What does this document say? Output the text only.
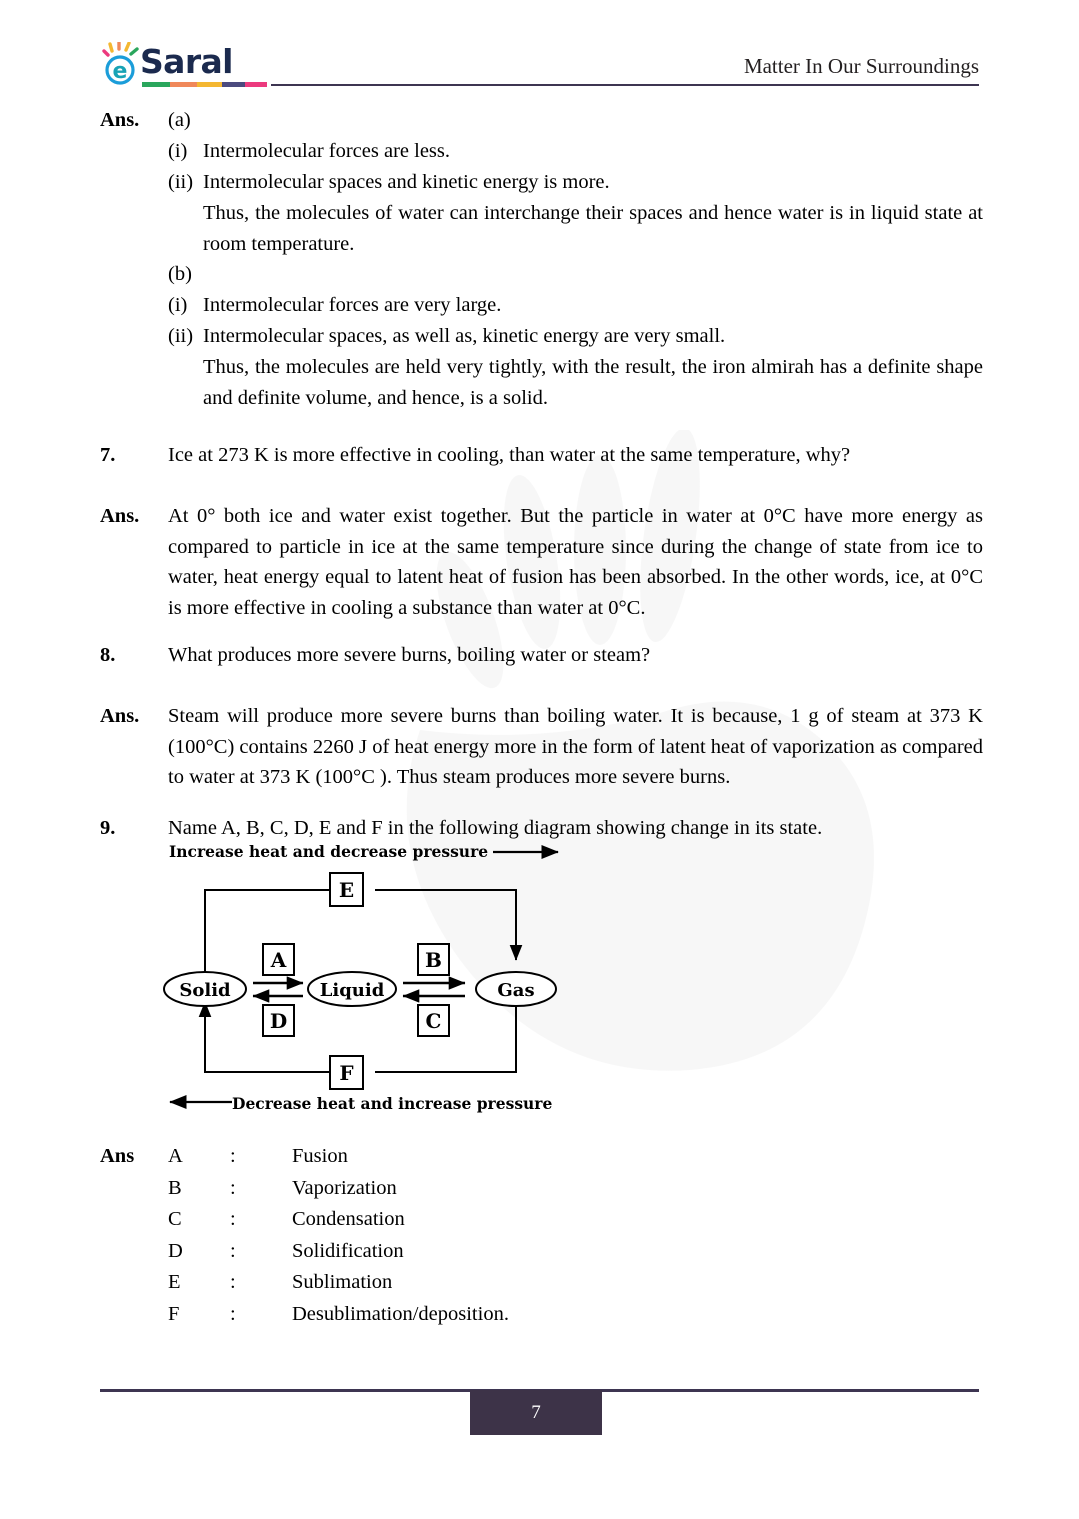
e Saral	Matter In Our Surroundings
Ans. (a)
(i) Intermolecular forces are less.
(ii) Intermolecular spaces and kinetic energy is more.
Thus, the molecules of water can interchange their spaces and hence water is in liquid state at room temperature.
(b)
(i) Intermolecular forces are very large.
(ii) Intermolecular spaces, as well as, kinetic energy are very small.
Thus, the molecules are held very tightly, with the result, the iron almirah has a definite shape and definite volume, and hence, is a solid.
7.	Ice at 273 K is more effective in cooling, than water at the same temperature, why?
Ans. At 0° both ice and water exist together. But the particle in water at 0°C have more energy as compared to particle in ice at the same temperature since during the change of state from ice to water, heat energy equal to latent heat of fusion has been absorbed. In the other words, ice, at 0°C is more effective in cooling a substance than water at 0°C.
8.	What produces more severe burns, boiling water or steam?
Ans. Steam will produce more severe burns than boiling water. It is because, 1 g of steam at 373 K (100°C) contains 2260 J of heat energy more in the form of latent heat of vaporization as compared to water at 373 K (100°C ). Thus steam produces more severe burns.
9.	Name A, B, C, D, E and F in the following diagram showing change in its state.
Increase heat and decrease pressure
E
F
Solid	Liquid	Gas
A
D
B
C
Decrease heat and increase pressure
Ans	A	:	Fusion
B	:	Vaporization
C	:	Condensation
D	:	Solidification
E	:	Sublimation
F	:	Desublimation/deposition.
7
